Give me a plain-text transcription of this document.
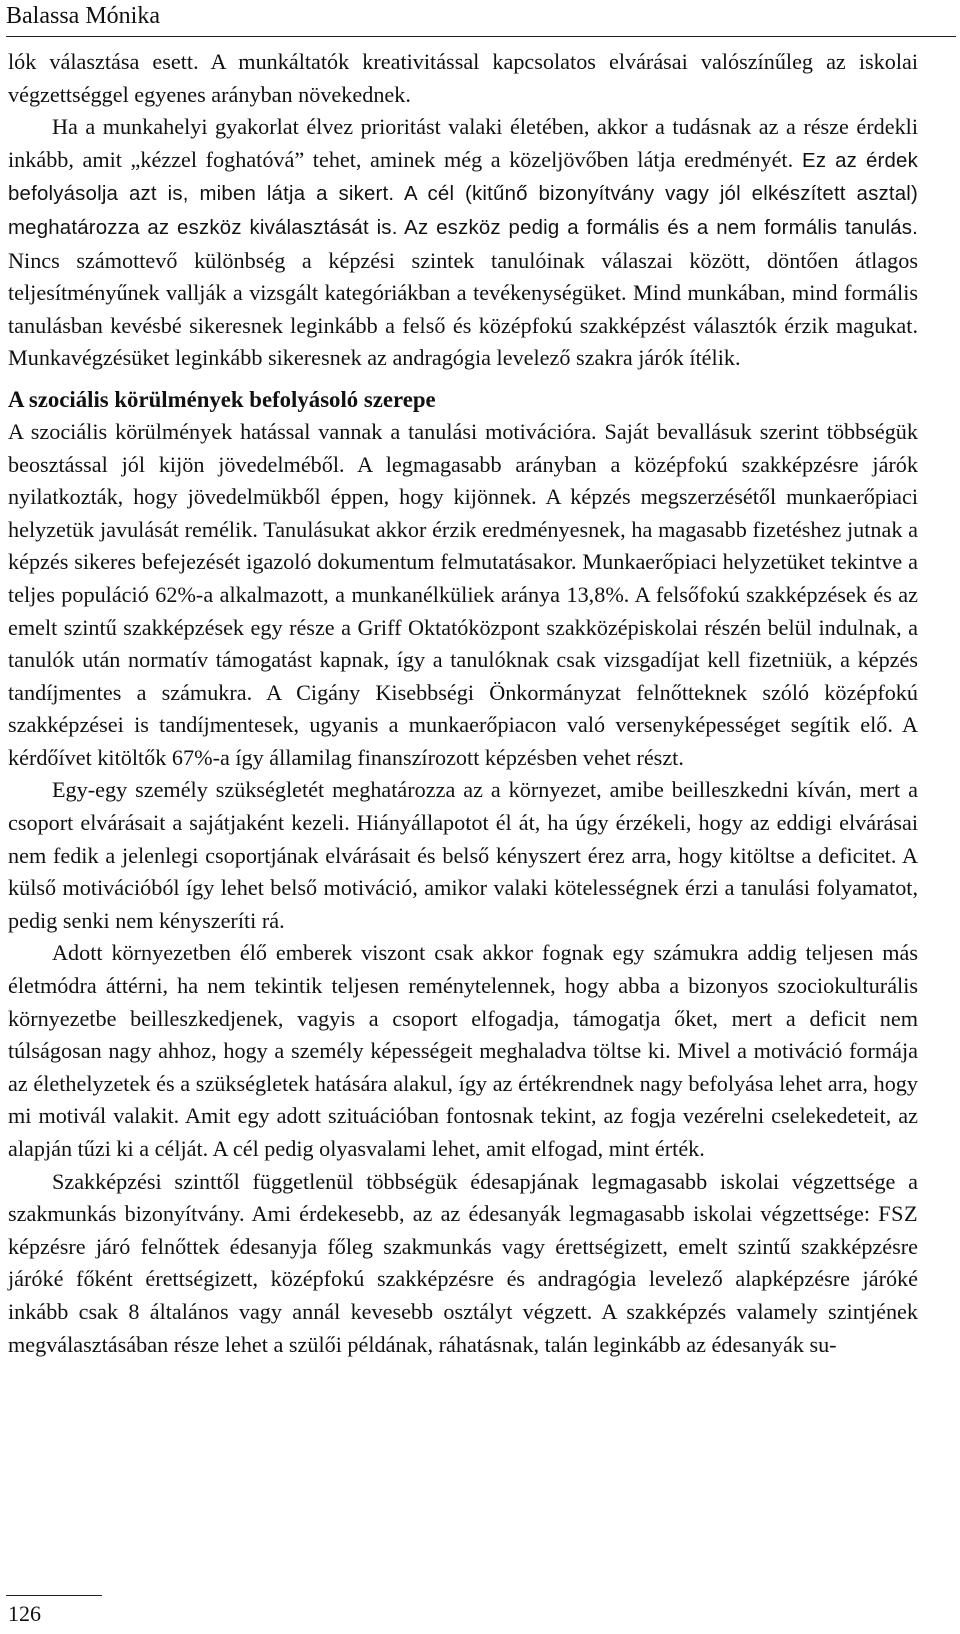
Balassa Mónika

lók választása esett. A munkáltatók kreativitással kapcsolatos elvárásai valószínűleg az iskolai végzettséggel egyenes arányban növekednek.

Ha a munkahelyi gyakorlat élvez prioritást valaki életében, akkor a tudásnak az a része érdekli inkább, amit „kézzel foghatóvá” tehet, aminek még a közeljövőben látja eredményét. Ez az érdek befolyásolja azt is, miben látja a sikert. A cél (kitűnő bizonyítvány vagy jól elkészített asztal) meghatározza az eszköz kiválasztását is. Az eszköz pedig a formális és a nem formális tanulás. Nincs számottevő különbség a képzési szintek tanulóinak válaszai között, döntően átlagos teljesítményűnek vallják a vizsgált kategóriákban a tevékenységüket. Mind munkában, mind formális tanulásban kevésbé sikeresnek leginkább a felső és középfokú szakképzést választók érzik magukat. Munkavégzésüket leginkább sikeresnek az andragógia levelező szakra járók ítélik.

A szociális körülmények befolyásoló szerepe

A szociális körülmények hatással vannak a tanulási motivációra. Saját bevallásuk szerint többségük beosztással jól kijön jövedelméből. A legmagasabb arányban a középfokú szakképzésre járók nyilatkozták, hogy jövedelmükből éppen, hogy kijönnek. A képzés megszerzésétől munkaerőpiaci helyzetük javulását remélik. Tanulásukat akkor érzik eredményesnek, ha magasabb fizetéshez jutnak a képzés sikeres befejezését igazoló dokumentum felmutatásakor. Munkaerőpiaci helyzetüket tekintve a teljes populáció 62%-a alkalmazott, a munkanélküliek aránya 13,8%. A felsőfokú szakképzések és az emelt szintű szakképzések egy része a Griff Oktatóközpont szakközépiskolai részén belül indulnak, a tanulók után normatív támogatást kapnak, így a tanulóknak csak vizsgadíjat kell fizetniük, a képzés tandíjmentes a számukra. A Cigány Kisebbségi Önkormányzat felnőtteknek szóló középfokú szakképzései is tandíjmentesek, ugyanis a munkaerőpiacon való versenyképességet segítik elő. A kérdőívet kitöltők 67%-a így államilag finanszírozott képzésben vehet részt.

Egy-egy személy szükségletét meghatározza az a környezet, amibe beilleszkedni kíván, mert a csoport elvárásait a sajátjaként kezeli. Hiányállapotot él át, ha úgy érzékeli, hogy az eddigi elvárásai nem fedik a jelenlegi csoportjának elvárásait és belső kényszert érez arra, hogy kitöltse a deficitet. A külső motivációból így lehet belső motiváció, amikor valaki kötelességnek érzi a tanulási folyamatot, pedig senki nem kényszeríti rá.

Adott környezetben élő emberek viszont csak akkor fognak egy számukra addig teljesen más életmódra áttérni, ha nem tekintik teljesen reménytelennek, hogy abba a bizonyos szociokulturális környezetbe beilleszkedjenek, vagyis a csoport elfogadja, támogatja őket, mert a deficit nem túlságosan nagy ahhoz, hogy a személy képességeit meghaladva töltse ki. Mivel a motiváció formája az élethelyzetek és a szükségletek hatására alakul, így az értékrendnek nagy befolyása lehet arra, hogy mi motivál valakit. Amit egy adott szituációban fontosnak tekint, az fogja vezérelni cselekedeteit, az alapján tűzi ki a célját. A cél pedig olyasvalami lehet, amit elfogad, mint érték.

Szakképzési szinttől függetlenül többségük édesapjának legmagasabb iskolai végzettsége a szakmunkás bizonyítvány. Ami érdekesebb, az az édesanyák legmagasabb iskolai végzettsége: FSZ képzésre járó felnőttek édesanyja főleg szakmunkás vagy érettségizett, emelt szintű szakképzésre járóké főként érettségizett, középfokú szakképzésre és andragógia levelező alapképzésre járóké inkább csak 8 általános vagy annál kevesebb osztályt végzett. A szakképzés valamely szintjének megválasztásában része lehet a szülői példának, ráhatásnak, talán leginkább az édesanyák su-

126
